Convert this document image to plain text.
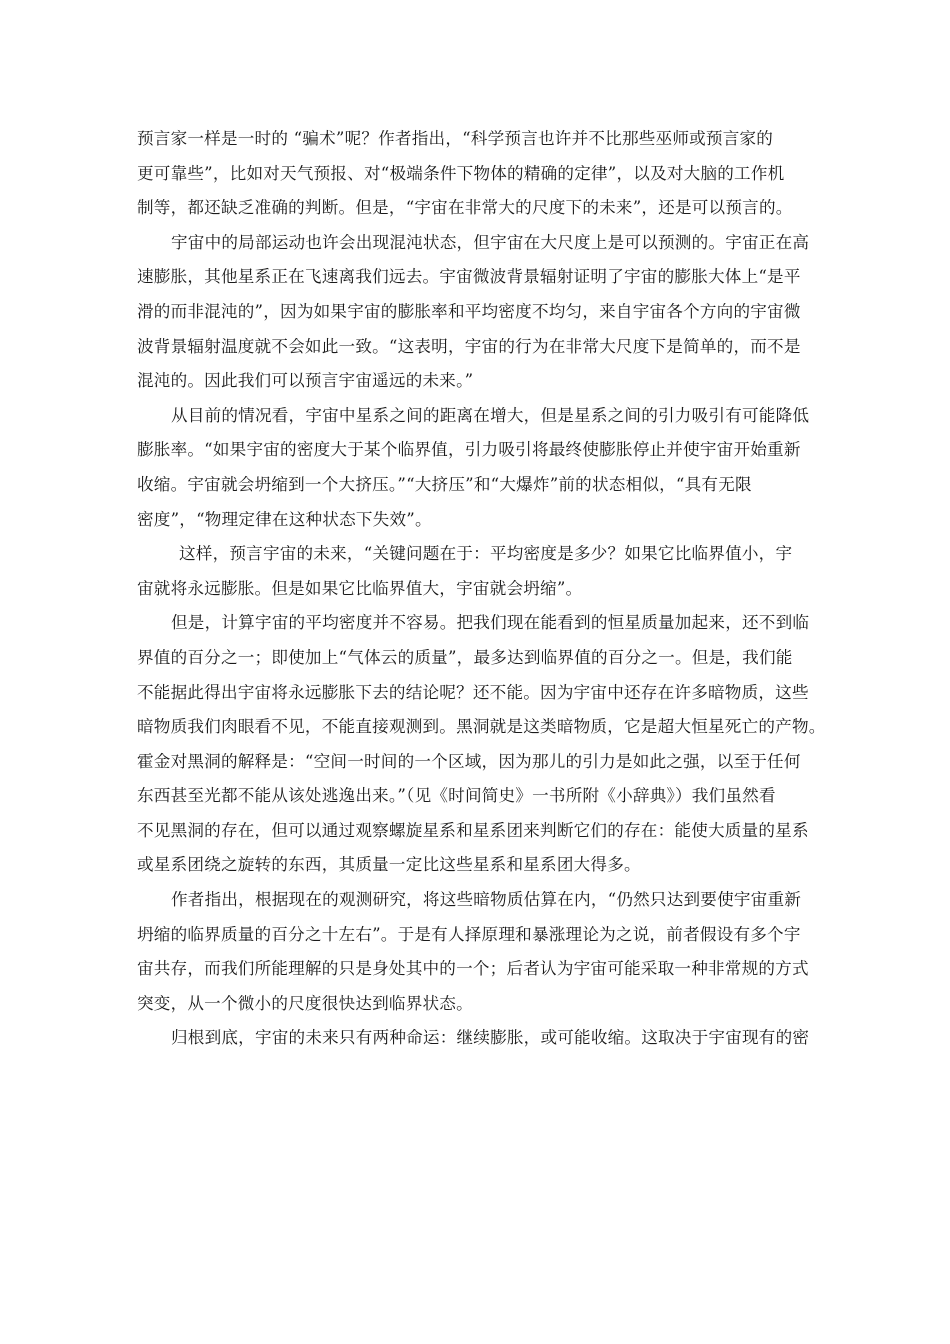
预言家一样是一时的 “骗术”呢？作者指出，“科学预言也许并不比那些巫师或预言家的
更可靠些”，比如对天气预报、对“极端条件下物体的精确的定律”，以及对大脑的工作机
制等，都还缺乏准确的判断。但是，“宇宙在非常大的尺度下的未来”，还是可以预言的。
宇宙中的局部运动也许会出现混沌状态，但宇宙在大尺度上是可以预测的。宇宙正在高
速膨胀，其他星系正在飞速离我们远去。宇宙微波背景辐射证明了宇宙的膨胀大体上“是平
滑的而非混沌的”，因为如果宇宙的膨胀率和平均密度不均匀，来自宇宙各个方向的宇宙微
波背景辐射温度就不会如此一致。“这表明，宇宙的行为在非常大尺度下是简单的，而不是
混沌的。因此我们可以预言宇宙遥远的未来。”
从目前的情况看，宇宙中星系之间的距离在增大，但是星系之间的引力吸引有可能降低
膨胀率。“如果宇宙的密度大于某个临界值，引力吸引将最终使膨胀停止并使宇宙开始重新
收缩。宇宙就会坍缩到一个大挤压。”“大挤压”和“大爆炸”前的状态相似，“具有无限
密度”，“物理定律在这种状态下失效”。
这样，预言宇宙的未来，“关键问题在于：平均密度是多少？如果它比临界值小，宇
宙就将永远膨胀。但是如果它比临界值大，宇宙就会坍缩”。
但是，计算宇宙的平均密度并不容易。把我们现在能看到的恒星质量加起来，还不到临
界值的百分之一；即使加上“气体云的质量”，最多达到临界值的百分之一。但是，我们能
不能据此得出宇宙将永远膨胀下去的结论呢？还不能。因为宇宙中还存在许多暗物质，这些
暗物质我们肉眼看不见，不能直接观测到。黑洞就是这类暗物质，它是超大恒星死亡的产物。
霍金对黑洞的解释是：“空间一时间的一个区域，因为那儿的引力是如此之强，以至于任何
东西甚至光都不能从该处逃逸出来。”（见《时间简史》一书所附《小辞典》）我们虽然看
不见黑洞的存在，但可以通过观察螺旋星系和星系团来判断它们的存在：能使大质量的星系
或星系团绕之旋转的东西，其质量一定比这些星系和星系团大得多。
作者指出，根据现在的观测研究，将这些暗物质估算在内，“仍然只达到要使宇宙重新
坍缩的临界质量的百分之十左右”。于是有人择原理和暴涨理论为之说，前者假设有多个宇
宙共存，而我们所能理解的只是身处其中的一个；后者认为宇宙可能采取一种非常规的方式
突变，从一个微小的尺度很快达到临界状态。
归根到底，宇宙的未来只有两种命运：继续膨胀，或可能收缩。这取决于宇宙现有的密
